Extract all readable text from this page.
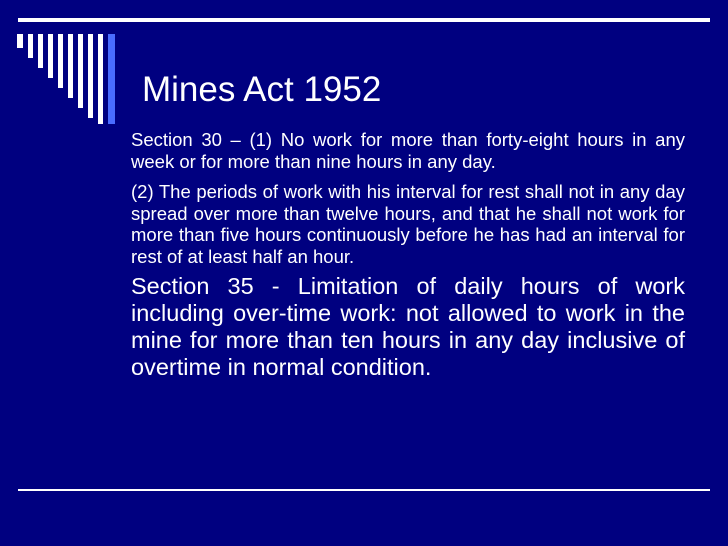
Mines Act 1952

Section 30 – (1) No work for more than forty-eight hours in any week or for more than nine hours in any day.

(2) The periods of work with his interval for rest shall not in any day spread over more than twelve hours, and that he shall not work for more than five hours continuously before he has had an interval for rest of at least half an hour.

Section 35 - Limitation of daily hours of work including over-time work: not allowed to work in the mine for more than ten hours in any day inclusive of overtime in normal condition.
